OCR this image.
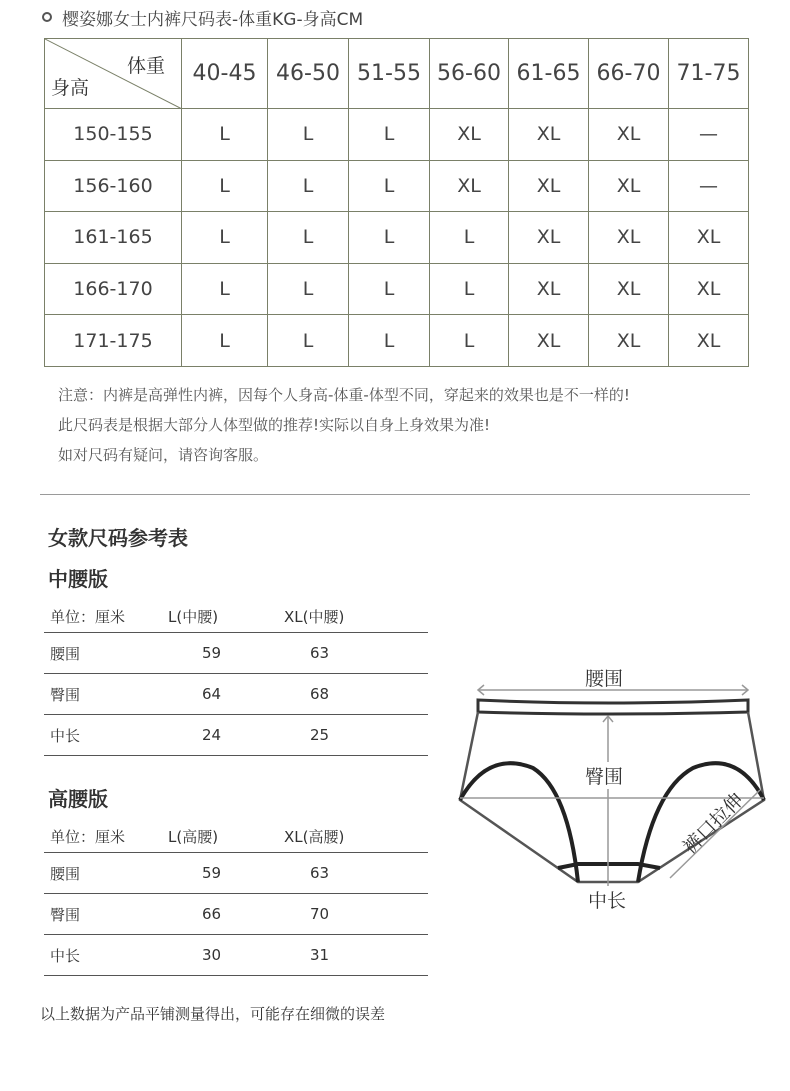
樱姿娜女士内裤尺码表-体重KG-身高CM
体重
身高	40-45	46-50	51-55	56-60	61-65	66-70	71-75
150-155	L	L	L	XL	XL	XL	—
156-160	L	L	L	XL	XL	XL	—
161-165	L	L	L	L	XL	XL	XL
166-170	L	L	L	L	XL	XL	XL
171-175	L	L	L	L	XL	XL	XL
注意：内裤是高弹性内裤，因每个人身高-体重-体型不同，穿起来的效果也是不一样的!
此尺码表是根据大部分人体型做的推荐!实际以自身上身效果为准!
如对尺码有疑问，请咨询客服。
女款尺码参考表
中腰版
单位：厘米	L(中腰)	XL(中腰)
腰围	59	63
臀围	64	68
中长	24	25
高腰版
单位：厘米	L(高腰)	XL(高腰)
腰围	59	63
臀围	66	70
中长	30	31
腰围
臀围
中长
裤口拉伸
以上数据为产品平铺测量得出，可能存在细微的误差
